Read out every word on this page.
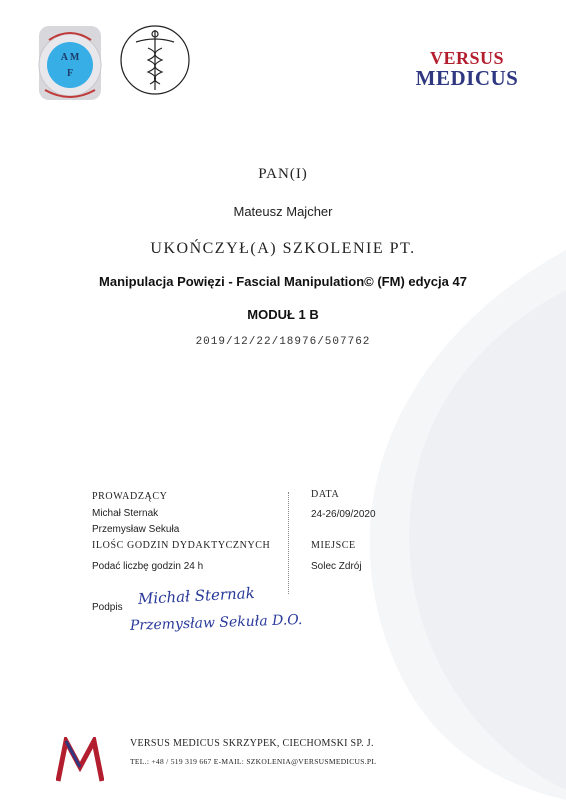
A M
F
VERSUS
MEDICUS
PAN(I)
Mateusz Majcher
UKOŃCZYŁ(A) SZKOLENIE PT.
Manipulacja Powięzi - Fascial Manipulation© (FM) edycja 47
MODUŁ 1 B
2019/12/22/18976/507762
PROWADZĄCY
Michał Sternak
Przemysław Sekuła
ILOŚC GODZIN DYDAKTYCZNYCH
Podać liczbę godzin 24 h
DATA
24-26/09/2020
MIEJSCE
Solec Zdrój
Podpis Michał Sternak
Przemysław Sekuła D.O.
VERSUS MEDICUS SKRZYPEK, CIECHOMSKI SP. J.
TEL.: +48 / 519 319 667 E-MAIL: SZKOLENIA@VERSUSMEDICUS.PL
